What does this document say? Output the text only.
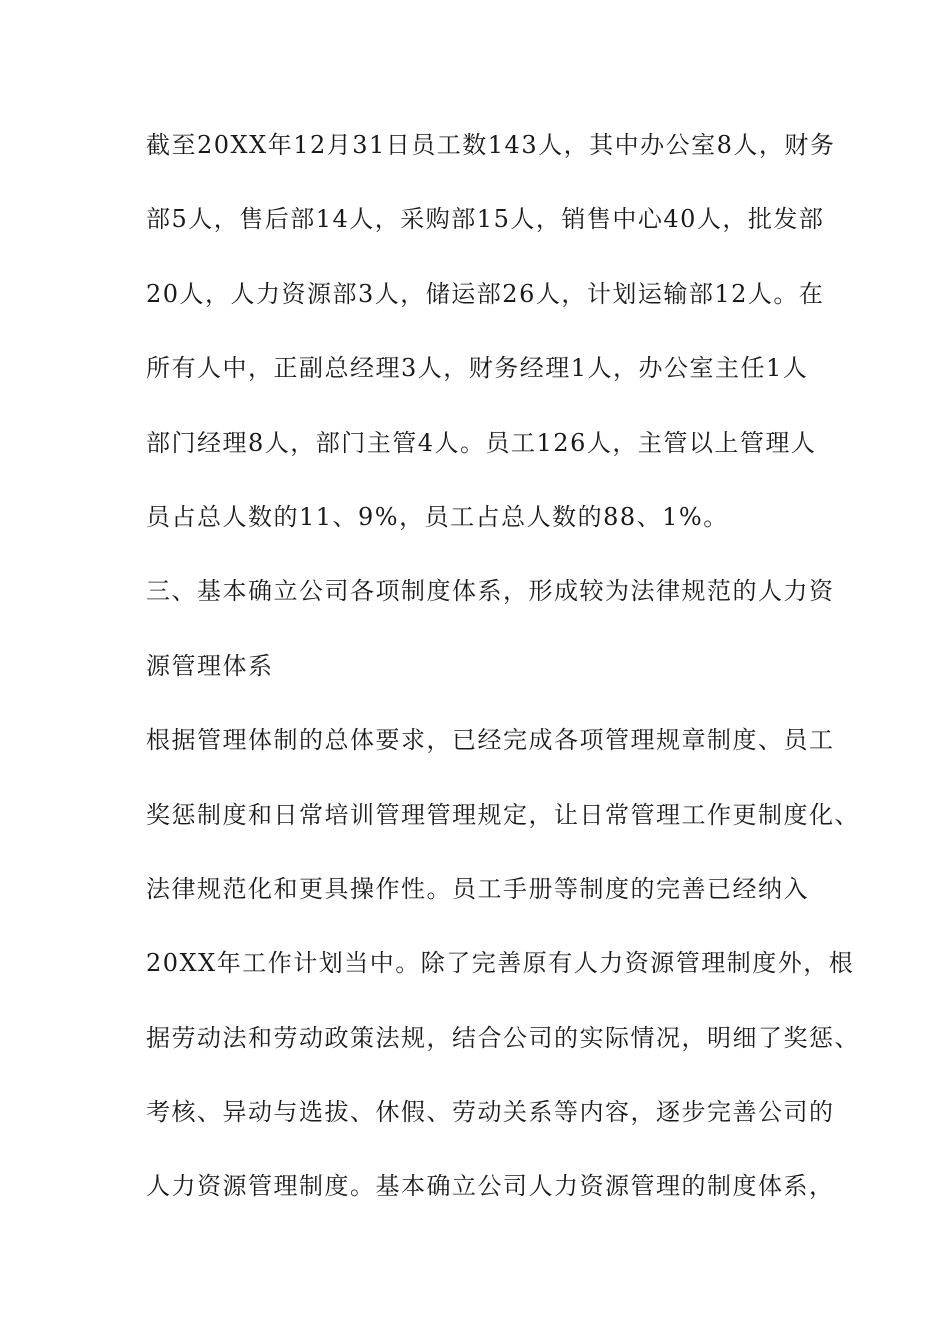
截至20XX年12月31日员工数143人，其中办公室8人，财务

部5人，售后部14人，采购部15人，销售中心40人，批发部

20人，人力资源部3人，储运部26人，计划运输部12人。在

所有人中，正副总经理3人，财务经理1人，办公室主任1人

部门经理8人，部门主管4人。员工126人，主管以上管理人

员占总人数的11、9%，员工占总人数的88、1%。

三、基本确立公司各项制度体系，形成较为法律规范的人力资

源管理体系

根据管理体制的总体要求，已经完成各项管理规章制度、员工

奖惩制度和日常培训管理管理规定，让日常管理工作更制度化、

法律规范化和更具操作性。员工手册等制度的完善已经纳入

20XX年工作计划当中。除了完善原有人力资源管理制度外，根

据劳动法和劳动政策法规，结合公司的实际情况，明细了奖惩、

考核、异动与选拔、休假、劳动关系等内容，逐步完善公司的

人力资源管理制度。基本确立公司人力资源管理的制度体系，
